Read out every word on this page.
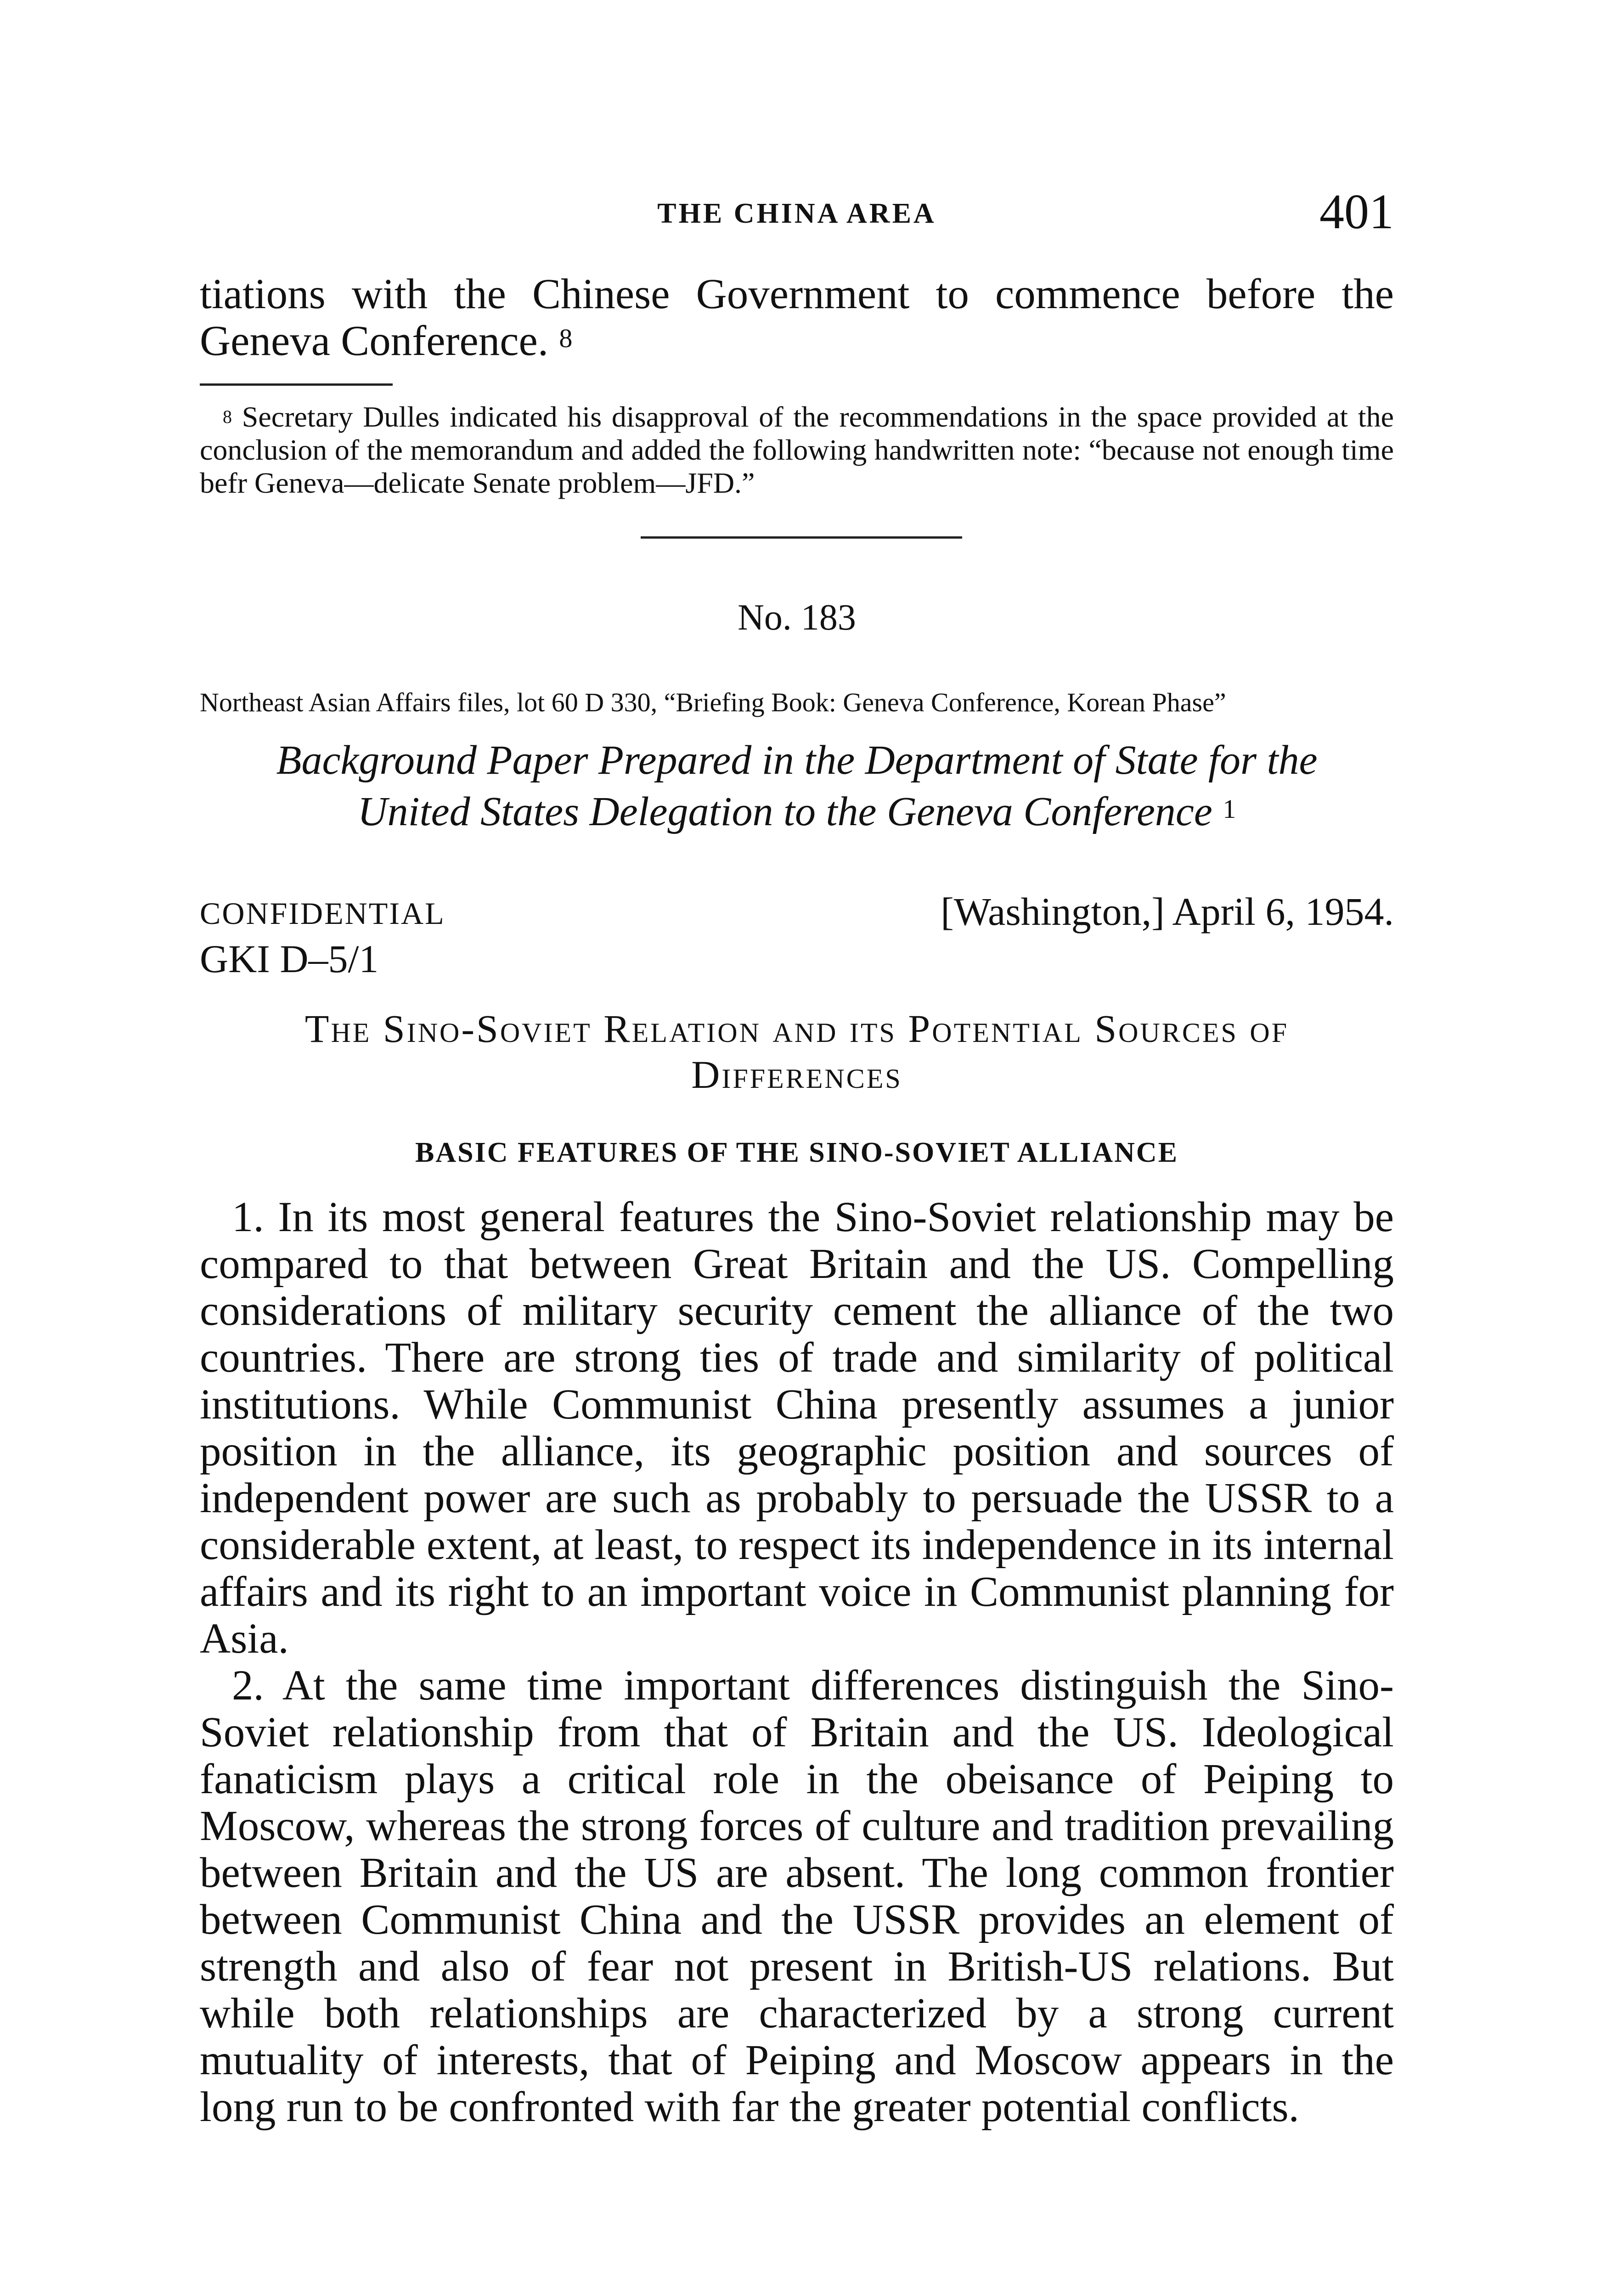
THE CHINA AREA	401

tiations with the Chinese Government to commence before the

Geneva Conference. $^8$

$^8$ Secretary Dulles indicated his disapproval of the recommendations in the space provided at the conclusion of the memorandum and added the following handwritten note: “because not enough time befr Geneva—delicate Senate problem—JFD.”

No. 183
Northeast Asian Affairs files, lot 60 D 330, “Briefing Book: Geneva Conference, Korean Phase”
Background Paper Prepared in the Department of State for the
United States Delegation to the Geneva Conference $^1$
CONFIDENTIAL	[Washington,] April 6, 1954.
GKI D–5/1
The Sino-Soviet Relation and its Potential Sources of
Differences
BASIC FEATURES OF THE SINO-SOVIET ALLIANCE

1. In its most general features the Sino-Soviet relationship may be compared to that between Great Britain and the US. Compelling considerations of military security cement the alliance of the two countries. There are strong ties of trade and similarity of political institutions. While Communist China presently assumes a junior position in the alliance, its geographic position and sources of independent power are such as probably to persuade the USSR to a considerable extent, at least, to respect its independence in its internal affairs and its right to an important voice in Communist planning for Asia.

2. At the same time important differences distinguish the Sino-Soviet relationship from that of Britain and the US. Ideological fanaticism plays a critical role in the obeisance of Peiping to Moscow, whereas the strong forces of culture and tradition prevailing between Britain and the US are absent. The long common frontier between Communist China and the USSR provides an element of strength and also of fear not present in British-US relations. But while both relationships are characterized by a strong current mutuality of interests, that of Peiping and Moscow appears in the long run to be confronted with far the greater potential conflicts.
